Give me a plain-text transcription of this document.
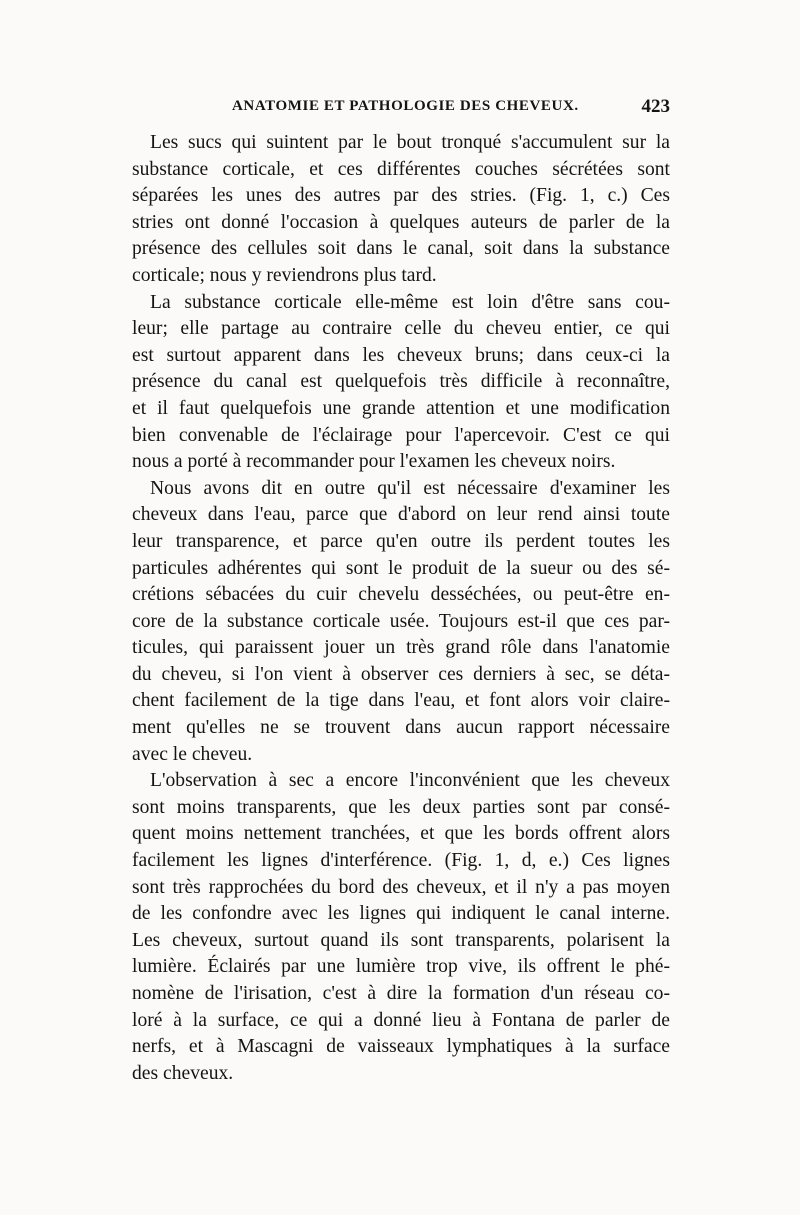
ANATOMIE ET PATHOLOGIE DES CHEVEUX.	423
Les sucs qui suintent par le bout tronqué s'accumulent sur la
substance corticale, et ces différentes couches sécrétées sont
séparées les unes des autres par des stries. (Fig. 1, c.) Ces
stries ont donné l'occasion à quelques auteurs de parler de la
présence des cellules soit dans le canal, soit dans la substance
corticale; nous y reviendrons plus tard.
La substance corticale elle-même est loin d'être sans cou-
leur; elle partage au contraire celle du cheveu entier, ce qui
est surtout apparent dans les cheveux bruns; dans ceux-ci la
présence du canal est quelquefois très difficile à reconnaître,
et il faut quelquefois une grande attention et une modification
bien convenable de l'éclairage pour l'apercevoir. C'est ce qui
nous a porté à recommander pour l'examen les cheveux noirs.
Nous avons dit en outre qu'il est nécessaire d'examiner les
cheveux dans l'eau, parce que d'abord on leur rend ainsi toute
leur transparence, et parce qu'en outre ils perdent toutes les
particules adhérentes qui sont le produit de la sueur ou des sé-
crétions sébacées du cuir chevelu desséchées, ou peut-être en-
core de la substance corticale usée. Toujours est-il que ces par-
ticules, qui paraissent jouer un très grand rôle dans l'anatomie
du cheveu, si l'on vient à observer ces derniers à sec, se déta-
chent facilement de la tige dans l'eau, et font alors voir claire-
ment qu'elles ne se trouvent dans aucun rapport nécessaire
avec le cheveu.
L'observation à sec a encore l'inconvénient que les cheveux
sont moins transparents, que les deux parties sont par consé-
quent moins nettement tranchées, et que les bords offrent alors
facilement les lignes d'interférence. (Fig. 1, d, e.) Ces lignes
sont très rapprochées du bord des cheveux, et il n'y a pas moyen
de les confondre avec les lignes qui indiquent le canal interne.
Les cheveux, surtout quand ils sont transparents, polarisent la
lumière. Éclairés par une lumière trop vive, ils offrent le phé-
nomène de l'irisation, c'est à dire la formation d'un réseau co-
loré à la surface, ce qui a donné lieu à Fontana de parler de
nerfs, et à Mascagni de vaisseaux lymphatiques à la surface
des cheveux.
